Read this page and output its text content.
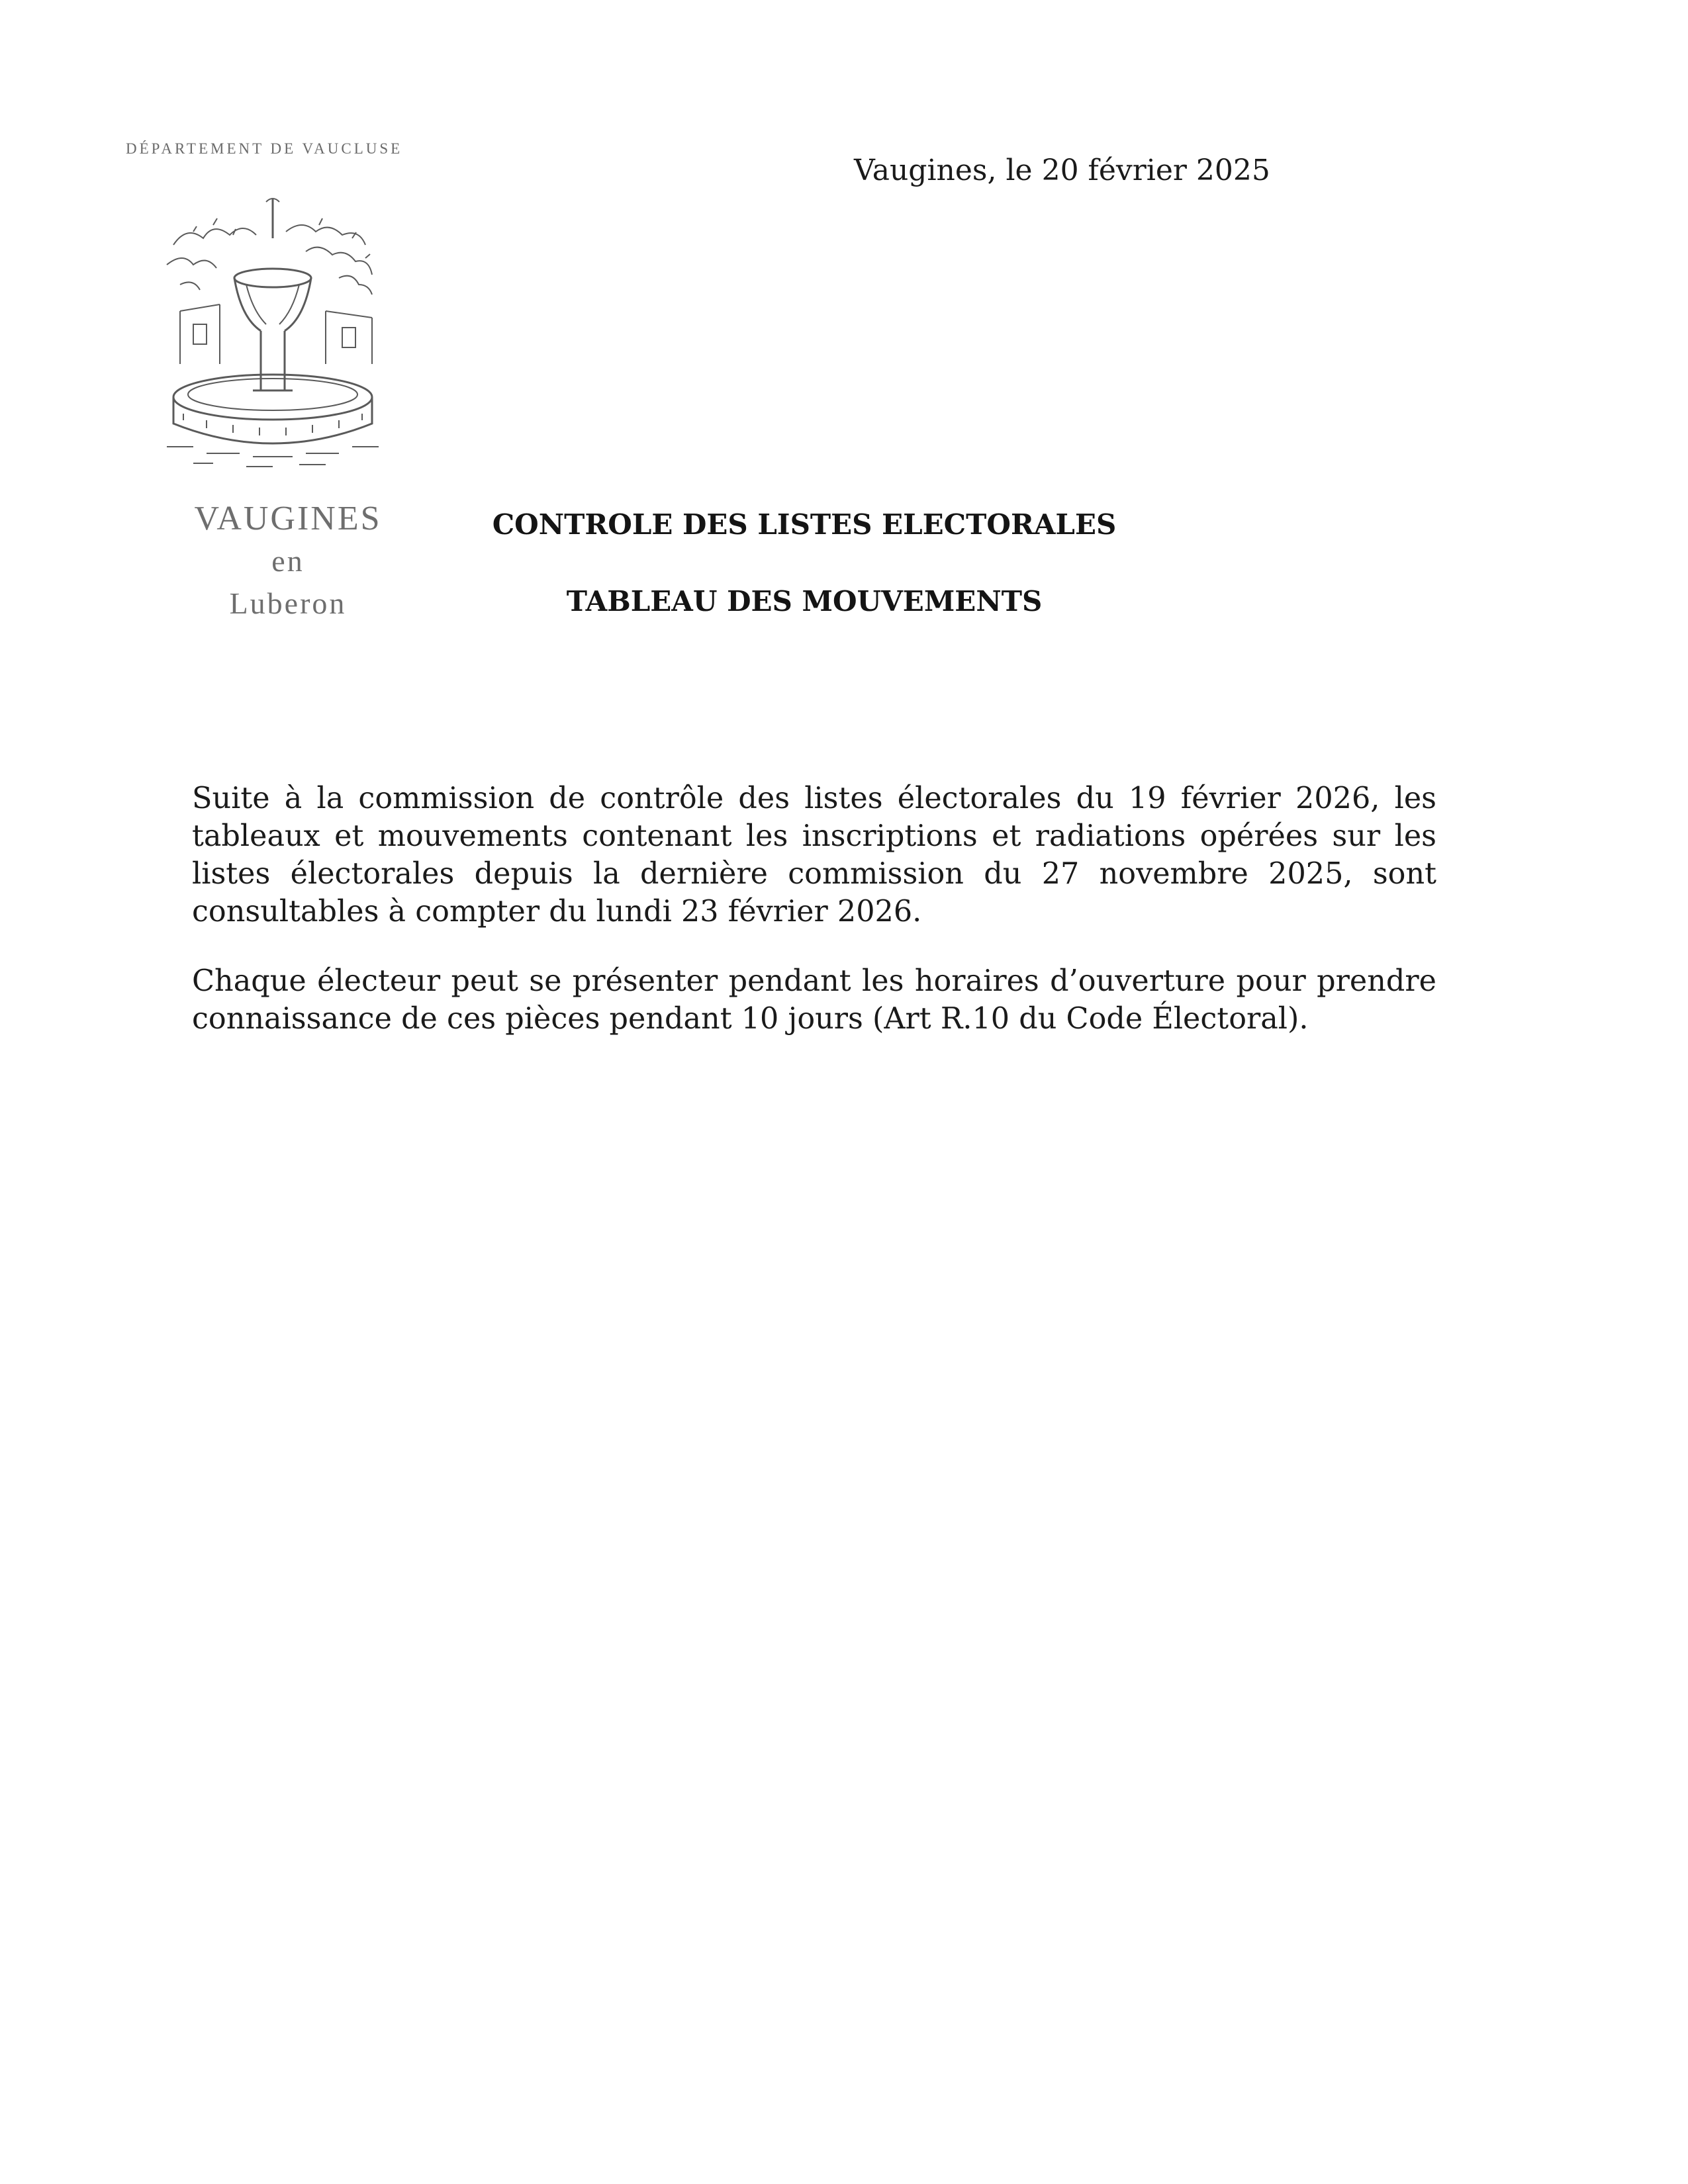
DÉPARTEMENT DE VAUCLUSE
VAUGINES
en
Luberon
Vaugines, le 20 février 2025
CONTROLE DES LISTES ELECTORALES
TABLEAU DES MOUVEMENTS
Suite à la commission de contrôle des listes électorales du 19 février 2026, les tableaux et mouvements contenant les inscriptions et radiations opérées sur les listes électorales depuis la dernière commission du 27 novembre 2025, sont consultables à compter du lundi 23 février 2026.
Chaque électeur peut se présenter pendant les horaires d’ouverture pour prendre connaissance de ces pièces pendant 10 jours (Art R.10 du Code Électoral).
